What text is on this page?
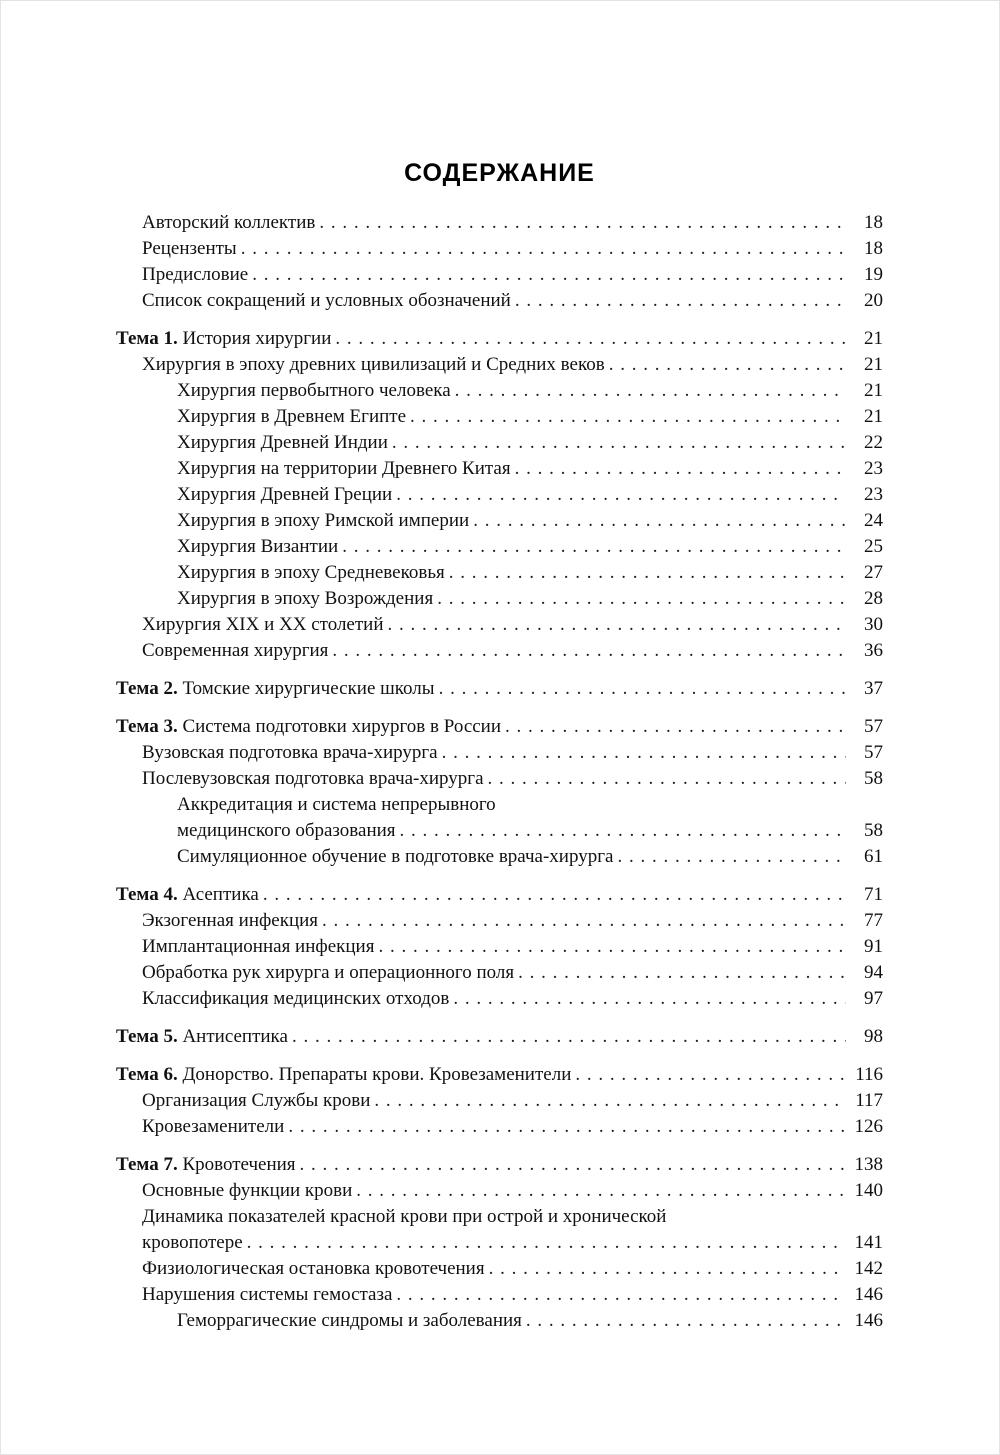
СОДЕРЖАНИЕ
Авторский коллектив . . .	18
Рецензенты . . .	18
Предисловие . . .	19
Список сокращений и условных обозначений . . .	20
Тема 1. История хирургии . . .	21
Хирургия в эпоху древних цивилизаций и Средних веков . . .	21
Хирургия первобытного человека . . .	21
Хирургия в Древнем Египте . . .	21
Хирургия Древней Индии . . .	22
Хирургия на территории Древнего Китая . . .	23
Хирургия Древней Греции . . .	23
Хирургия в эпоху Римской империи . . .	24
Хирургия Византии . . .	25
Хирургия в эпоху Средневековья . . .	27
Хирургия в эпоху Возрождения . . .	28
Хирургия XIX и XX столетий . . .	30
Современная хирургия . . .	36
Тема 2. Томские хирургические школы . . .	37
Тема 3. Система подготовки хирургов в России . . .	57
Вузовская подготовка врача-хирурга . . .	57
Послевузовская подготовка врача-хирурга . . .	58
Аккредитация и система непрерывного
медицинского образования . . .	58
Симуляционное обучение в подготовке врача-хирурга . . .	61
Тема 4. Асептика . . .	71
Экзогенная инфекция . . .	77
Имплантационная инфекция . . .	91
Обработка рук хирурга и операционного поля . . .	94
Классификация медицинских отходов . . .	97
Тема 5. Антисептика . . .	98
Тема 6. Донорство. Препараты крови. Кровезаменители . . .	116
Организация Службы крови . . .	117
Кровезаменители . . .	126
Тема 7. Кровотечения . . .	138
Основные функции крови . . .	140
Динамика показателей красной крови при острой и хронической
кровопотере . . .	141
Физиологическая остановка кровотечения . . .	142
Нарушения системы гемостаза . . .	146
Геморрагические синдромы и заболевания . . .	146
